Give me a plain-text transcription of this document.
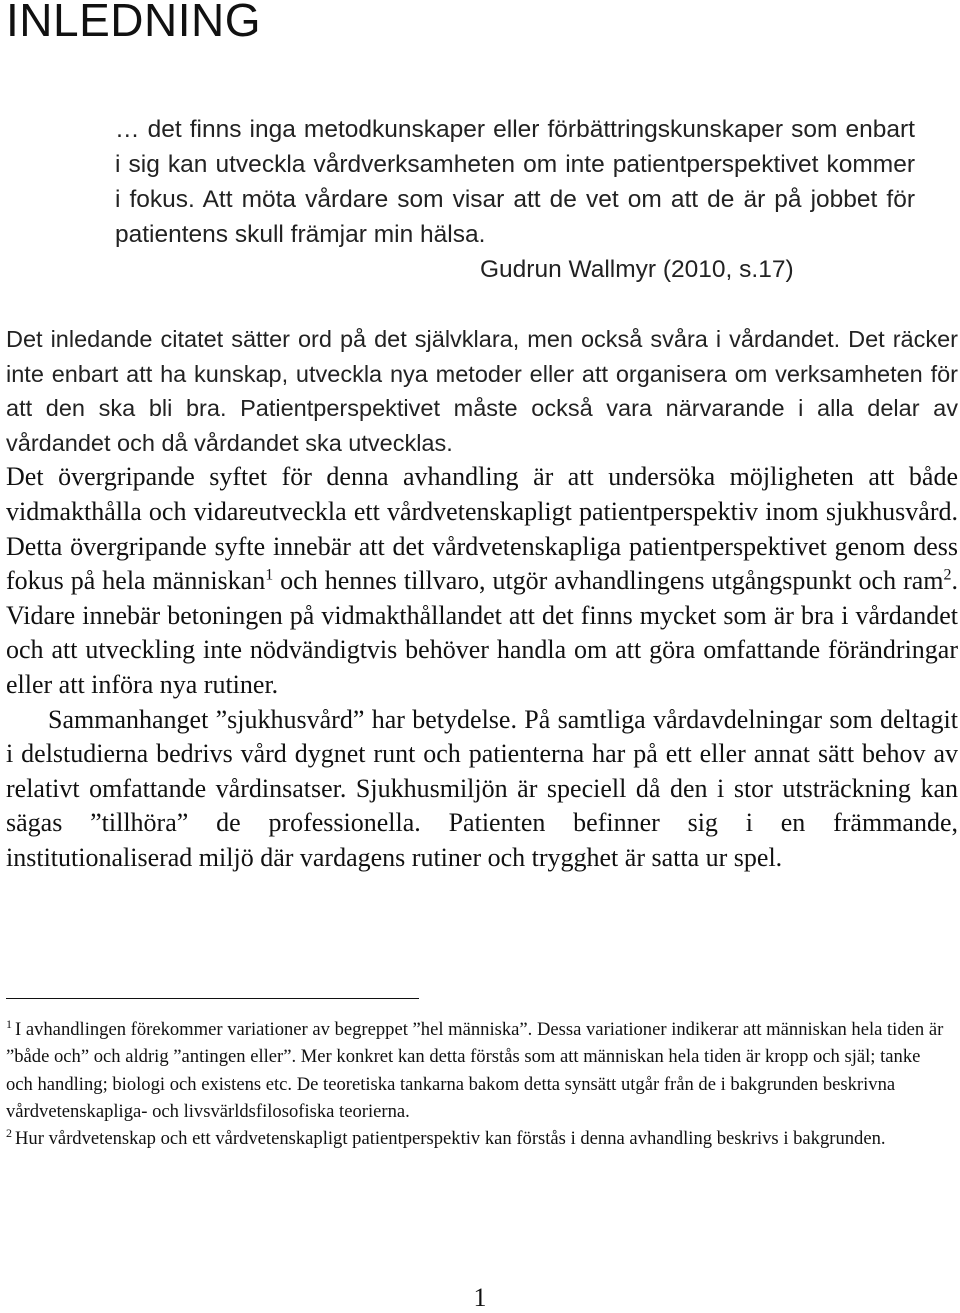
INLEDNING

… det finns inga metodkunskaper eller förbättringskunskaper som enbart i sig kan utveckla vårdverksamheten om inte patientperspektivet kommer i fokus. Att möta vårdare som visar att de vet om att de är på jobbet för patientens skull främjar min hälsa.

Gudrun Wallmyr (2010, s.17)

Det inledande citatet sätter ord på det självklara, men också svåra i vårdandet. Det räcker inte enbart att ha kunskap, utveckla nya metoder eller att organisera om verksamheten för att den ska bli bra. Patientperspektivet måste också vara närvarande i alla delar av vårdandet och då vårdandet ska utvecklas.

Det övergripande syftet för denna avhandling är att undersöka möjligheten att både vidmakthålla och vidareutveckla ett vårdvetenskapligt patientperspektiv inom sjukhusvård. Detta övergripande syfte innebär att det vårdvetenskapliga patientperspektivet genom dess fokus på hela människan$^1$ och hennes tillvaro, utgör avhandlingens utgångspunkt och ram$^2$. Vidare innebär betoningen på vidmakthållandet att det finns mycket som är bra i vårdandet och att utveckling inte nödvändigtvis behöver handla om att göra omfattande förändringar eller att införa nya rutiner.

Sammanhanget ”sjukhusvård” har betydelse. På samtliga vårdavdelningar som deltagit i delstudierna bedrivs vård dygnet runt och patienterna har på ett eller annat sätt behov av relativt omfattande vårdinsatser. Sjukhusmiljön är speciell då den i stor utsträckning kan sägas ”tillhöra” de professionella. Patienten befinner sig i en främmande, institutionaliserad miljö där vardagens rutiner och trygghet är satta ur spel.

$^1$ I avhandlingen förekommer variationer av begreppet ”hel människa”. Dessa variationer indikerar att människan hela tiden är ”både och” och aldrig ”antingen eller”. Mer konkret kan detta förstås som att människan hela tiden är kropp och själ; tanke och handling; biologi och existens etc. De teoretiska tankarna bakom detta synsätt utgår från de i bakgrunden beskrivna vårdvetenskapliga- och livsvärldsfilosofiska teorierna.

$^2$ Hur vårdvetenskap och ett vårdvetenskapligt patientperspektiv kan förstås i denna avhandling beskrivs i bakgrunden.

1
